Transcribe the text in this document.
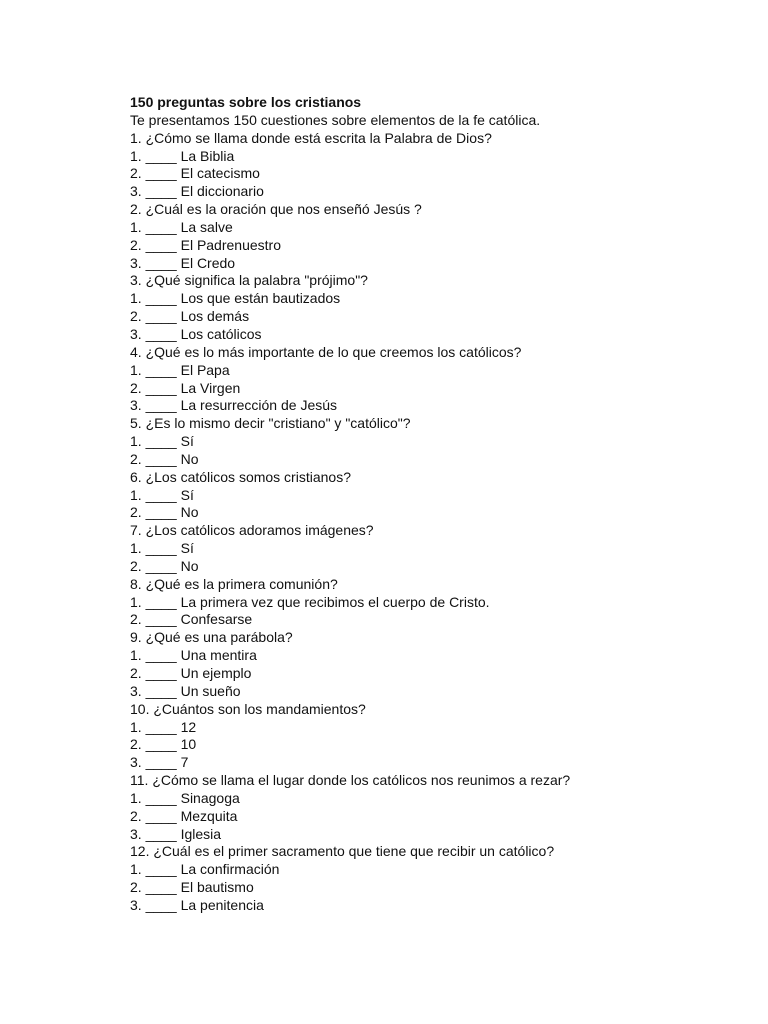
150 preguntas sobre los cristianos
Te presentamos 150 cuestiones sobre elementos de la fe católica.
1. ¿Cómo se llama donde está escrita la Palabra de Dios?
1. ____ La Biblia
2. ____ El catecismo
3. ____ El diccionario
2. ¿Cuál es la oración que nos enseñó Jesús ?
1. ____ La salve
2. ____ El Padrenuestro
3. ____ El Credo
3. ¿Qué significa la palabra "prójimo"?
1. ____ Los que están bautizados
2. ____ Los demás
3. ____ Los católicos
4. ¿Qué es lo más importante de lo que creemos los católicos?
1. ____ El Papa
2. ____ La Virgen
3. ____ La resurrección de Jesús
5. ¿Es lo mismo decir "cristiano" y "católico"?
1. ____ Sí
2. ____ No
6. ¿Los católicos somos cristianos?
1. ____ Sí
2. ____ No
7. ¿Los católicos adoramos imágenes?
1. ____ Sí
2. ____ No
8. ¿Qué es la primera comunión?
1. ____ La primera vez que recibimos el cuerpo de Cristo.
2. ____ Confesarse
9. ¿Qué es una parábola?
1. ____ Una mentira
2. ____ Un ejemplo
3. ____ Un sueño
10. ¿Cuántos son los mandamientos?
1. ____ 12
2. ____ 10
3. ____ 7
11. ¿Cómo se llama el lugar donde los católicos nos reunimos a rezar?
1. ____ Sinagoga
2. ____ Mezquita
3. ____ Iglesia
12. ¿Cuál es el primer sacramento que tiene que recibir un católico?
1. ____ La confirmación
2. ____ El bautismo
3. ____ La penitencia
